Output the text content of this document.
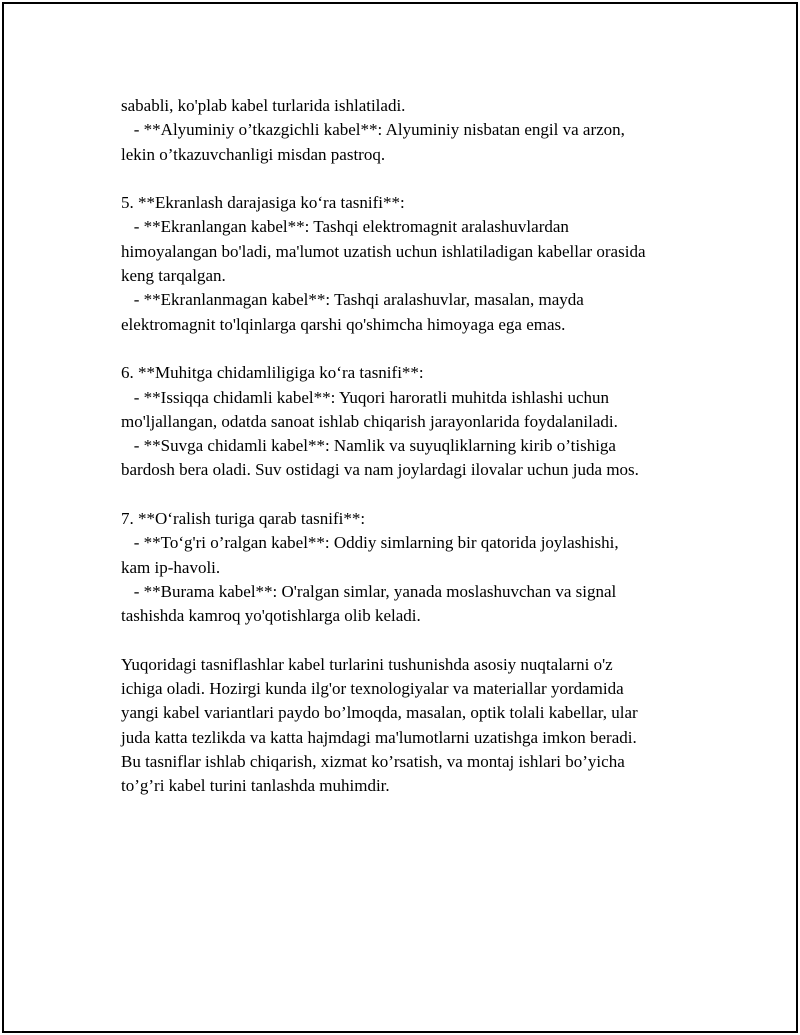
sababli, ko'plab kabel turlarida ishlatiladi.
- **Alyuminiy o’tkazgichli kabel**: Alyuminiy nisbatan engil va arzon,
lekin o’tkazuvchanligi misdan pastroq.
5. **Ekranlash darajasiga ko‘ra tasnifi**:
- **Ekranlangan kabel**: Tashqi elektromagnit aralashuvlardan
himoyalangan bo'ladi, ma'lumot uzatish uchun ishlatiladigan kabellar orasida
keng tarqalgan.
- **Ekranlanmagan kabel**: Tashqi aralashuvlar, masalan, mayda
elektromagnit to'lqinlarga qarshi qo'shimcha himoyaga ega emas.
6. **Muhitga chidamliligiga ko‘ra tasnifi**:
- **Issiqqa chidamli kabel**: Yuqori haroratli muhitda ishlashi uchun
mo'ljallangan, odatda sanoat ishlab chiqarish jarayonlarida foydalaniladi.
- **Suvga chidamli kabel**: Namlik va suyuqliklarning kirib o’tishiga
bardosh bera oladi. Suv ostidagi va nam joylardagi ilovalar uchun juda mos.
7. **O‘ralish turiga qarab tasnifi**:
- **To‘g'ri o’ralgan kabel**: Oddiy simlarning bir qatorida joylashishi,
kam ip-havoli.
- **Burama kabel**: O'ralgan simlar, yanada moslashuvchan va signal
tashishda kamroq yo'qotishlarga olib keladi.
Yuqoridagi tasniflashlar kabel turlarini tushunishda asosiy nuqtalarni o'z
ichiga oladi. Hozirgi kunda ilg'or texnologiyalar va materiallar yordamida
yangi kabel variantlari paydo bo’lmoqda, masalan, optik tolali kabellar, ular
juda katta tezlikda va katta hajmdagi ma'lumotlarni uzatishga imkon beradi.
Bu tasniflar ishlab chiqarish, xizmat ko’rsatish, va montaj ishlari bo’yicha
to’g’ri kabel turini tanlashda muhimdir.
